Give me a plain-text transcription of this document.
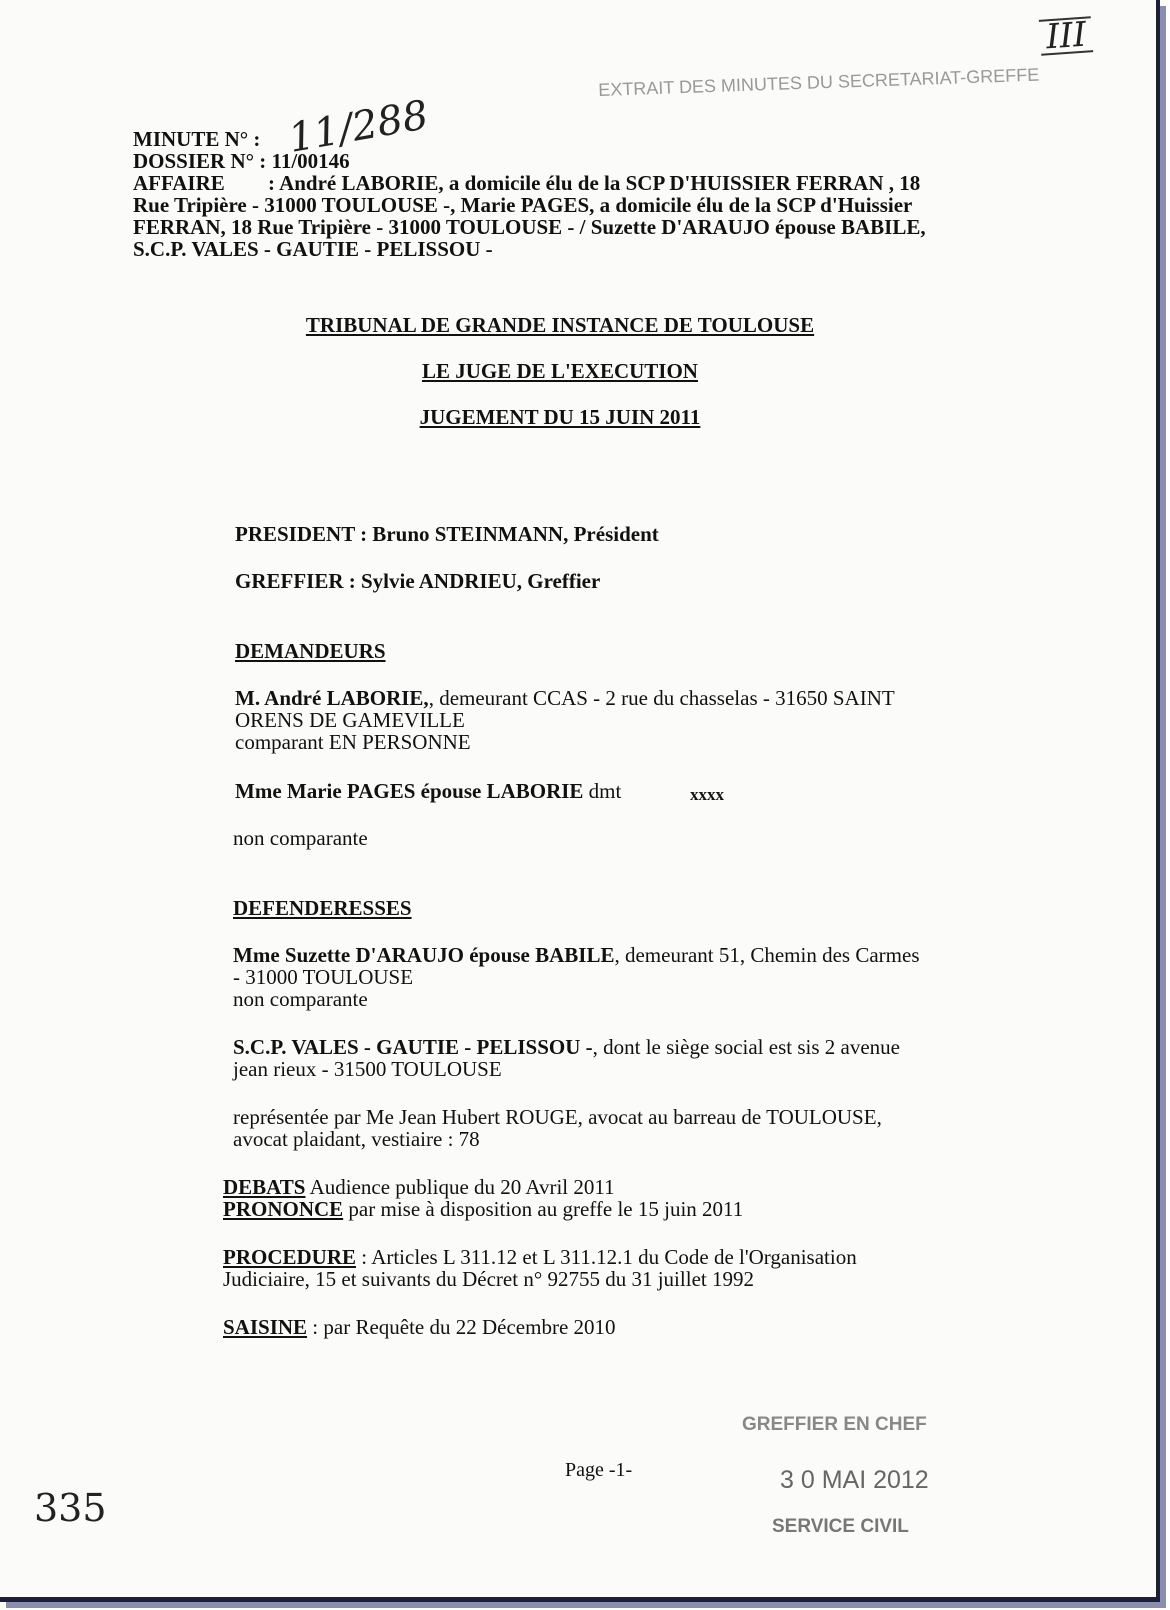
III
EXTRAIT DES MINUTES DU SECRETARIAT-GREFFE
MINUTE N° : 11/288
DOSSIER N° : 11/00146
AFFAIRE : André LABORIE, a domicile élu de la SCP D'HUISSIER FERRAN , 18
Rue Tripière - 31000 TOULOUSE -, Marie PAGES, a domicile élu de la SCP d'Huissier
FERRAN, 18 Rue Tripière - 31000 TOULOUSE - / Suzette D'ARAUJO épouse BABILE,
S.C.P. VALES - GAUTIE - PELISSOU -
TRIBUNAL DE GRANDE INSTANCE DE TOULOUSE
LE JUGE DE L'EXECUTION
JUGEMENT DU 15 JUIN 2011
PRESIDENT : Bruno STEINMANN, Président
GREFFIER : Sylvie ANDRIEU, Greffier
DEMANDEURS
M. André LABORIE,, demeurant CCAS - 2 rue du chasselas - 31650 SAINT
ORENS DE GAMEVILLE
comparant EN PERSONNE
Mme Marie PAGES épouse LABORIE dmt	xxxx
non comparante
DEFENDERESSES
Mme Suzette D'ARAUJO épouse BABILE, demeurant 51, Chemin des Carmes
- 31000 TOULOUSE
non comparante
S.C.P. VALES - GAUTIE - PELISSOU -, dont le siège social est sis 2 avenue
jean rieux - 31500 TOULOUSE
représentée par Me Jean Hubert ROUGE, avocat au barreau de TOULOUSE,
avocat plaidant, vestiaire : 78
DEBATS Audience publique du 20 Avril 2011
PRONONCE par mise à disposition au greffe le 15 juin 2011
PROCEDURE : Articles L 311.12 et L 311.12.1 du Code de l'Organisation
Judiciaire, 15 et suivants du Décret n° 92755 du 31 juillet 1992
SAISINE : par Requête du 22 Décembre 2010
GREFFIER EN CHEF
Page -1-	3 0 MAI 2012
SERVICE CIVIL
335
